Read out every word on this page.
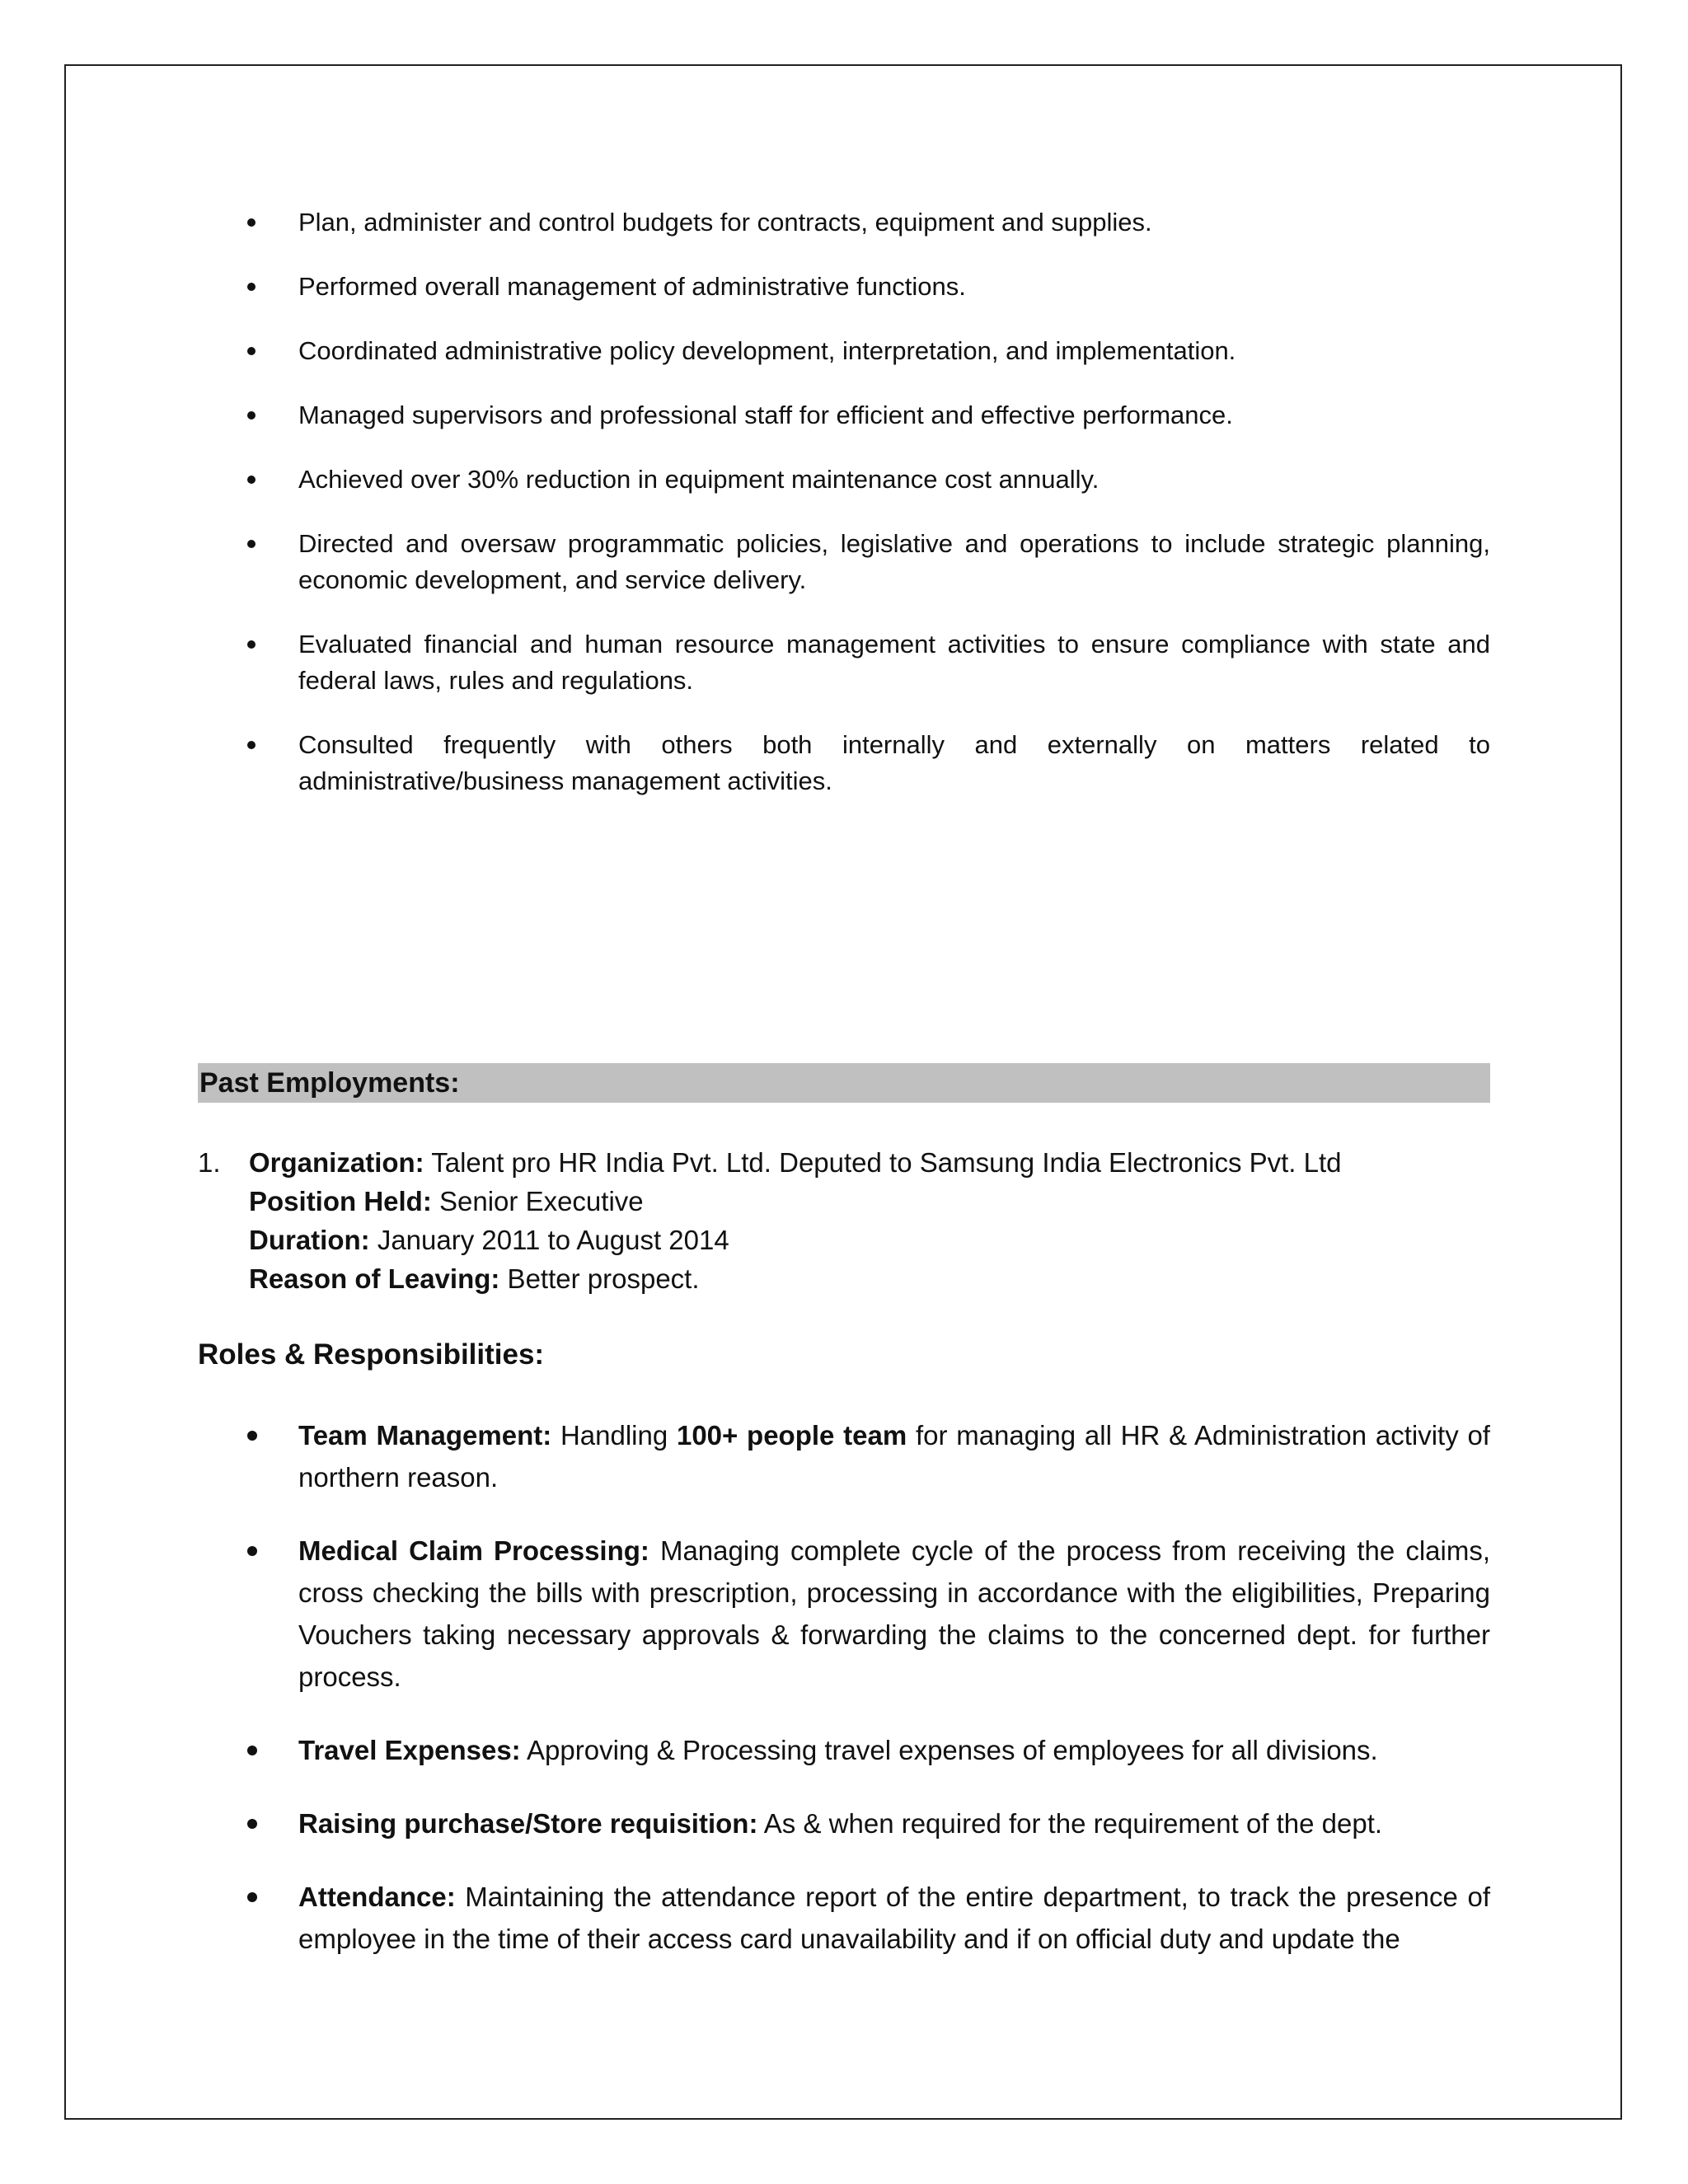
Plan, administer and control budgets for contracts, equipment and supplies.
Performed overall management of administrative functions.
Coordinated administrative policy development, interpretation, and implementation.
Managed supervisors and professional staff for efficient and effective performance.
Achieved over 30% reduction in equipment maintenance cost annually.
Directed and oversaw programmatic policies, legislative and operations to include strategic planning, economic development, and service delivery.
Evaluated financial and human resource management activities to ensure compliance with state and federal laws, rules and regulations.
Consulted frequently with others both internally and externally on matters related to administrative/business management activities.
Past Employments:
1. Organization: Talent pro HR India Pvt. Ltd. Deputed to Samsung India Electronics Pvt. Ltd
Position Held: Senior Executive
Duration: January 2011 to August 2014
Reason of Leaving: Better prospect.
Roles & Responsibilities:
Team Management: Handling 100+ people team for managing all HR & Administration activity of northern reason.
Medical Claim Processing: Managing complete cycle of the process from receiving the claims, cross checking the bills with prescription, processing in accordance with the eligibilities, Preparing Vouchers taking necessary approvals & forwarding the claims to the concerned dept. for further process.
Travel Expenses: Approving & Processing travel expenses of employees for all divisions.
Raising purchase/Store requisition: As & when required for the requirement of the dept.
Attendance: Maintaining the attendance report of the entire department, to track the presence of employee in the time of their access card unavailability and if on official duty and update the
